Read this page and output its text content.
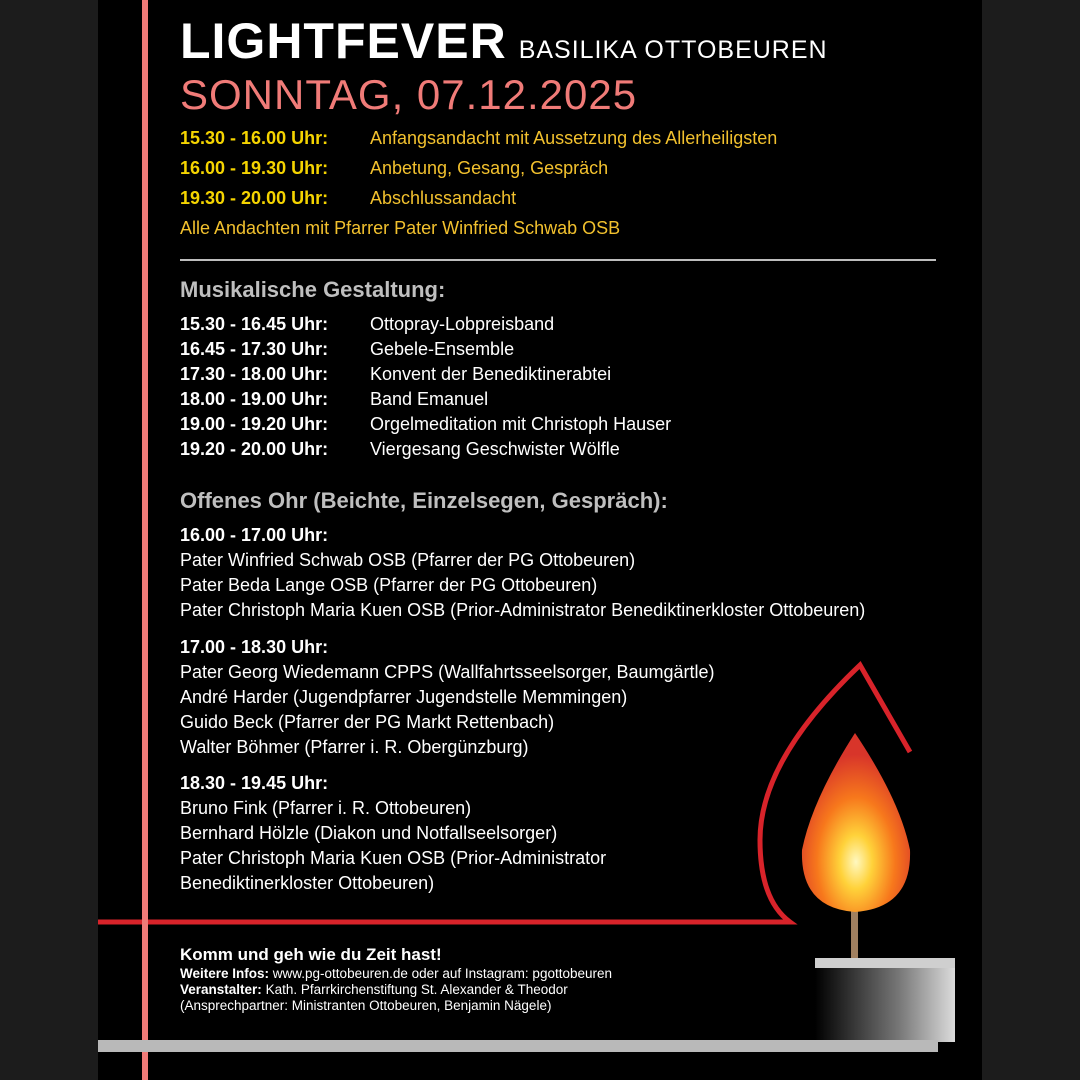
LIGHTFEVER BASILIKA OTTOBEUREN
SONNTAG, 07.12.2025
15.30 - 16.00 Uhr: Anfangsandacht mit Aussetzung des Allerheiligsten
16.00 - 19.30 Uhr: Anbetung, Gesang, Gespräch
19.30 - 20.00 Uhr: Abschlussandacht
Alle Andachten mit Pfarrer Pater Winfried Schwab OSB
Musikalische Gestaltung:
15.30 - 16.45 Uhr: Ottopray-Lobpreisband
16.45 - 17.30 Uhr: Gebele-Ensemble
17.30 - 18.00 Uhr: Konvent der Benediktinerabtei
18.00 - 19.00 Uhr: Band Emanuel
19.00 - 19.20 Uhr: Orgelmeditation mit Christoph Hauser
19.20 - 20.00 Uhr: Viergesang Geschwister Wölfle
Offenes Ohr (Beichte, Einzelsegen, Gespräch):
16.00 - 17.00 Uhr:
Pater Winfried Schwab OSB (Pfarrer der PG Ottobeuren)
Pater Beda Lange OSB (Pfarrer der PG Ottobeuren)
Pater Christoph Maria Kuen OSB (Prior-Administrator Benediktinerkloster Ottobeuren)
17.00 - 18.30 Uhr:
Pater Georg Wiedemann CPPS (Wallfahrtsseelsorger, Baumgärtle)
André Harder (Jugendpfarrer Jugendstelle Memmingen)
Guido Beck (Pfarrer der PG Markt Rettenbach)
Walter Böhmer (Pfarrer i. R. Obergünzburg)
18.30 - 19.45 Uhr:
Bruno Fink (Pfarrer i. R. Ottobeuren)
Bernhard Hölzle (Diakon und Notfallseelsorger)
Pater Christoph Maria Kuen OSB (Prior-Administrator
Benediktinerkloster Ottobeuren)
Komm und geh wie du Zeit hast!
Weitere Infos: www.pg-ottobeuren.de oder auf Instagram: pgottobeuren
Veranstalter: Kath. Pfarrkirchenstiftung St. Alexander & Theodor
(Ansprechpartner: Ministranten Ottobeuren, Benjamin Nägele)
